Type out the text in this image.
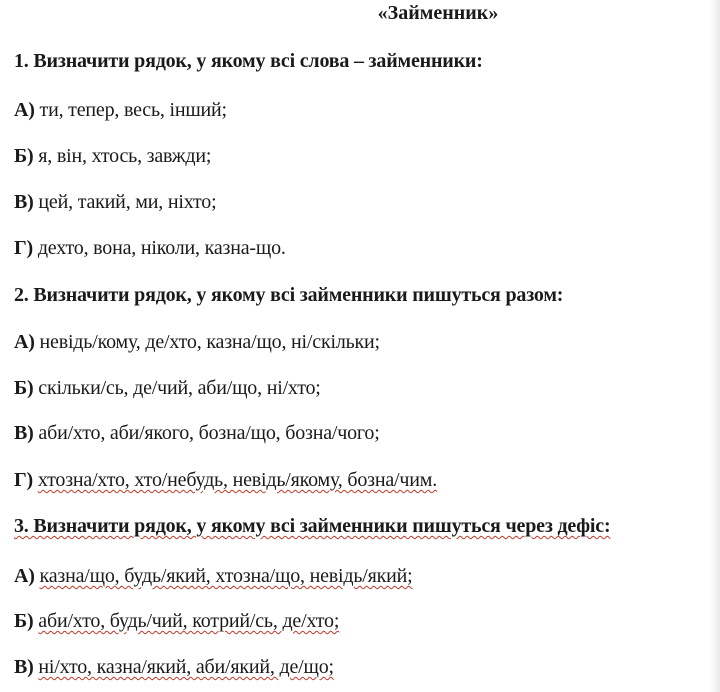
«Займенник»
1. Визначити рядок, у якому всі слова – займенники:
А) ти, тепер, весь, інший;
Б) я, він, хтось, завжди;
В) цей, такий, ми, ніхто;
Г) дехто, вона, ніколи, казна-що.
2. Визначити рядок, у якому всі займенники пишуться разом:
А) невідь/кому, де/хто, казна/що, ні/скільки;
Б) скільки/сь, де/чий, аби/що, ні/хто;
В) аби/хто, аби/якого, бозна/що, бозна/чого;
Г) хтозна/хто, хто/небудь, невідь/якому, бозна/чим.
3. Визначити рядок, у якому всі займенники пишуться через дефіс:
А) казна/що, будь/який, хтозна/що, невідь/який;
Б) аби/хто, будь/чий, котрий/сь, де/хто;
В) ні/хто, казна/який, аби/який, де/що;
